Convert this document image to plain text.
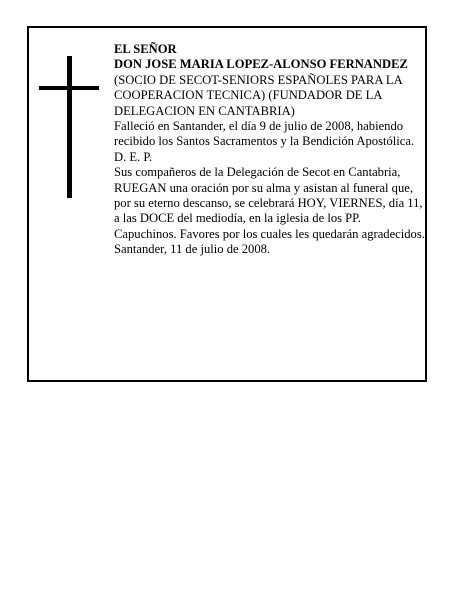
EL SEÑOR

DON JOSE MARIA LOPEZ-ALONSO FERNANDEZ

(SOCIO DE SECOT-SENIORS ESPAÑOLES PARA LA COOPERACION TECNICA) (FUNDADOR DE LA DELEGACION EN CANTABRIA)

Falleció en Santander, el día 9 de julio de 2008, habiendo recibido los Santos Sacramentos y la Bendición Apostólica.

D. E. P.

Sus compañeros de la Delegación de Secot en Cantabria, RUEGAN una oración por su alma y asistan al funeral que, por su eterno descanso, se celebrará HOY, VIERNES, día 11, a las DOCE del mediodía, en la iglesia de los PP. Capuchinos. Favores por los cuales les quedarán agradecidos.

Santander, 11 de julio de 2008.
